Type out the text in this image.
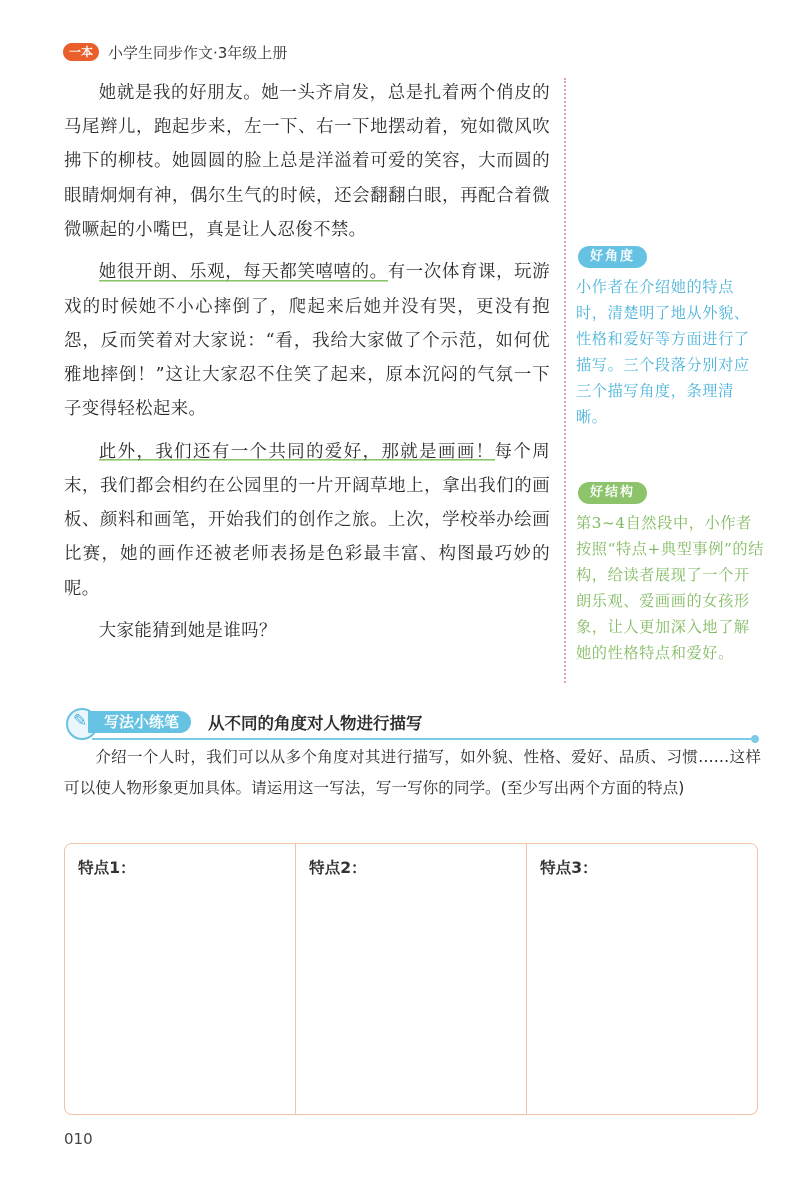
一本	小学生同步作文·3年级上册

她就是我的好朋友。她一头齐肩发，总是扎着两个俏皮的马尾辫儿，跑起步来，左一下、右一下地摆动着，宛如微风吹拂下的柳枝。她圆圆的脸上总是洋溢着可爱的笑容，大而圆的眼睛炯炯有神，偶尔生气的时候，还会翻翻白眼，再配合着微微噘起的小嘴巴，真是让人忍俊不禁。

她很开朗、乐观，每天都笑嘻嘻的。有一次体育课，玩游戏的时候她不小心摔倒了，爬起来后她并没有哭，更没有抱怨，反而笑着对大家说：“看，我给大家做了个示范，如何优雅地摔倒！”这让大家忍不住笑了起来，原本沉闷的气氛一下子变得轻松起来。

此外，我们还有一个共同的爱好，那就是画画！每个周末，我们都会相约在公园里的一片开阔草地上，拿出我们的画板、颜料和画笔，开始我们的创作之旅。上次，学校举办绘画比赛，她的画作还被老师表扬是色彩最丰富、构图最巧妙的呢。

大家能猜到她是谁吗？

好角度
小作者在介绍她的特点时，清楚明了地从外貌、性格和爱好等方面进行了描写。三个段落分别对应三个描写角度，条理清晰。
好结构
第3~4自然段中，小作者按照“特点+典型事例”的结构，给读者展现了一个开朗乐观、爱画画的女孩形象，让人更加深入地了解她的性格特点和爱好。
✎	写法小练笔	从不同的角度对人物进行描写
介绍一个人时，我们可以从多个角度对其进行描写，如外貌、性格、爱好、品质、习惯……这样可以使人物形象更加具体。请运用这一写法，写一写你的同学。(至少写出两个方面的特点)
特点1：	特点2：	特点3：
010
